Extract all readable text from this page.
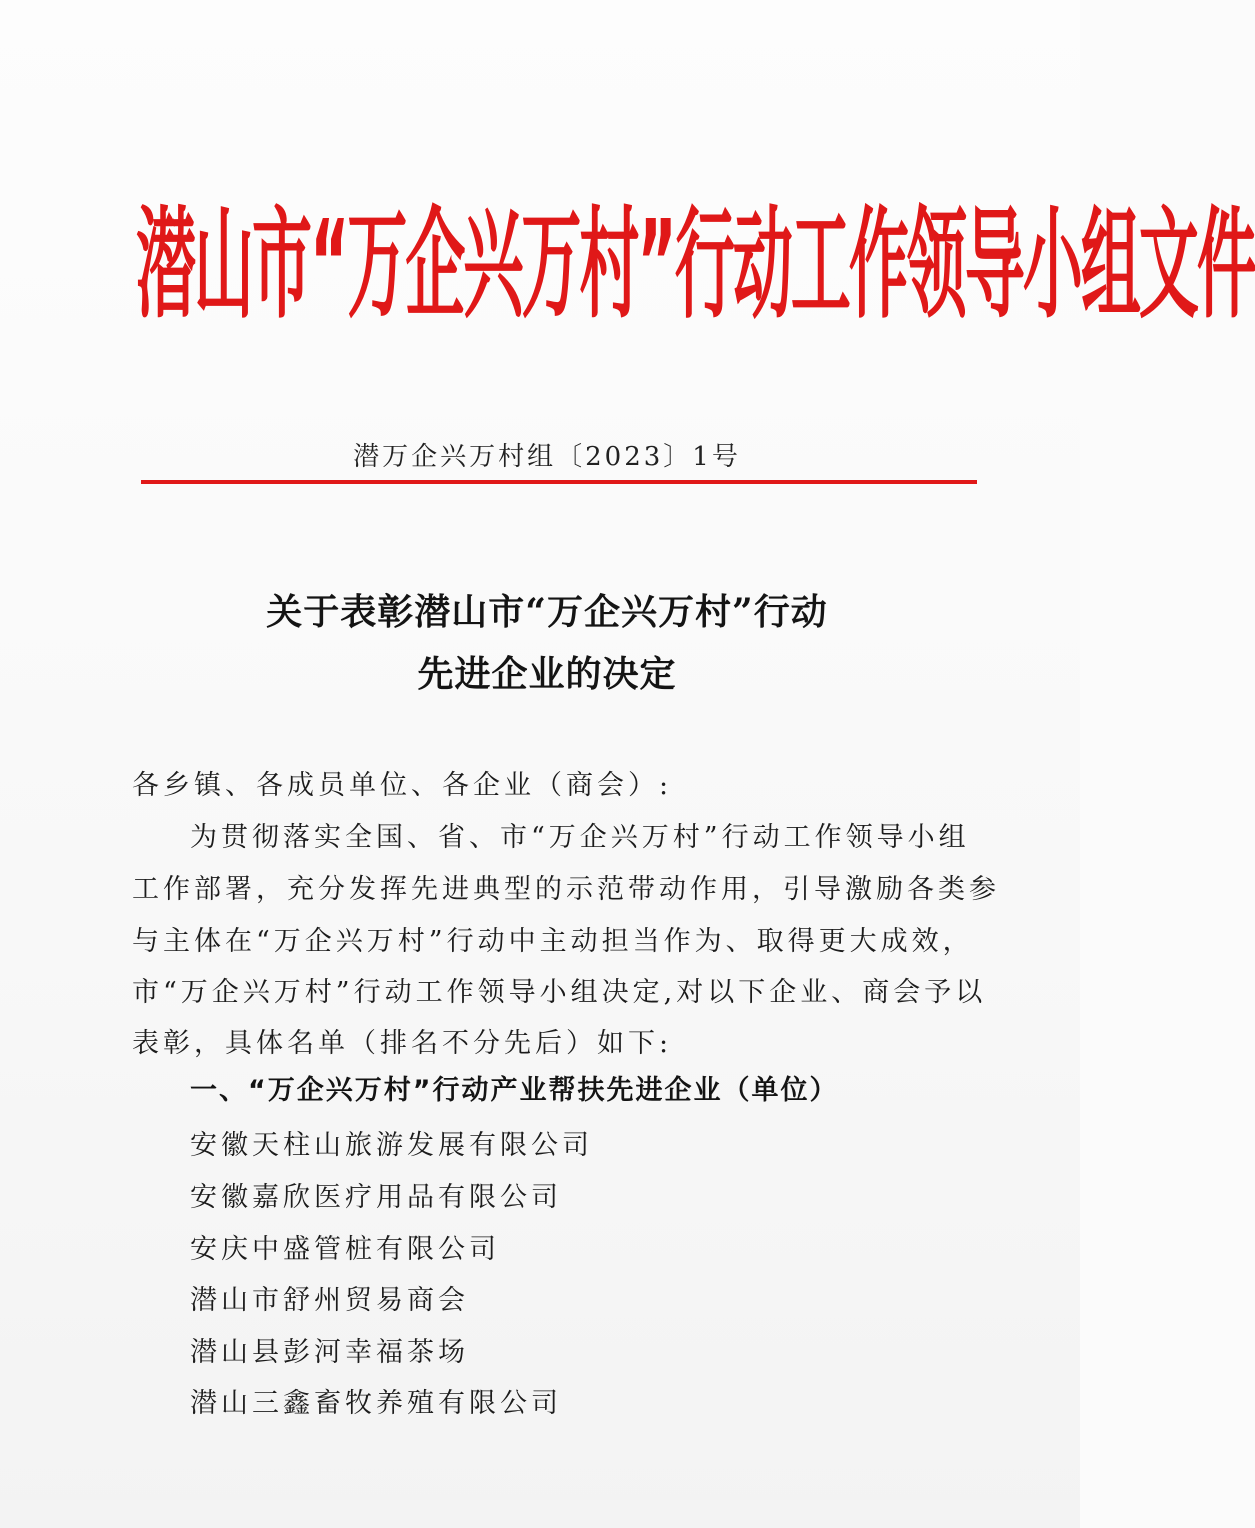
潜山市“万企兴万村”行动工作领导小组文件
潜万企兴万村组〔2023〕1号
关于表彰潜山市“万企兴万村”行动
先进企业的决定
各乡镇、各成员单位、各企业（商会）:
为贯彻落实全国、省、市“万企兴万村”行动工作领导小组
工作部署，充分发挥先进典型的示范带动作用，引导激励各类参
与主体在“万企兴万村”行动中主动担当作为、取得更大成效，
市“万企兴万村”行动工作领导小组决定,对以下企业、商会予以
表彰，具体名单（排名不分先后）如下:
一、“万企兴万村”行动产业帮扶先进企业（单位）
安徽天柱山旅游发展有限公司
安徽嘉欣医疗用品有限公司
安庆中盛管桩有限公司
潜山市舒州贸易商会
潜山县彭河幸福茶场
潜山三鑫畜牧养殖有限公司
